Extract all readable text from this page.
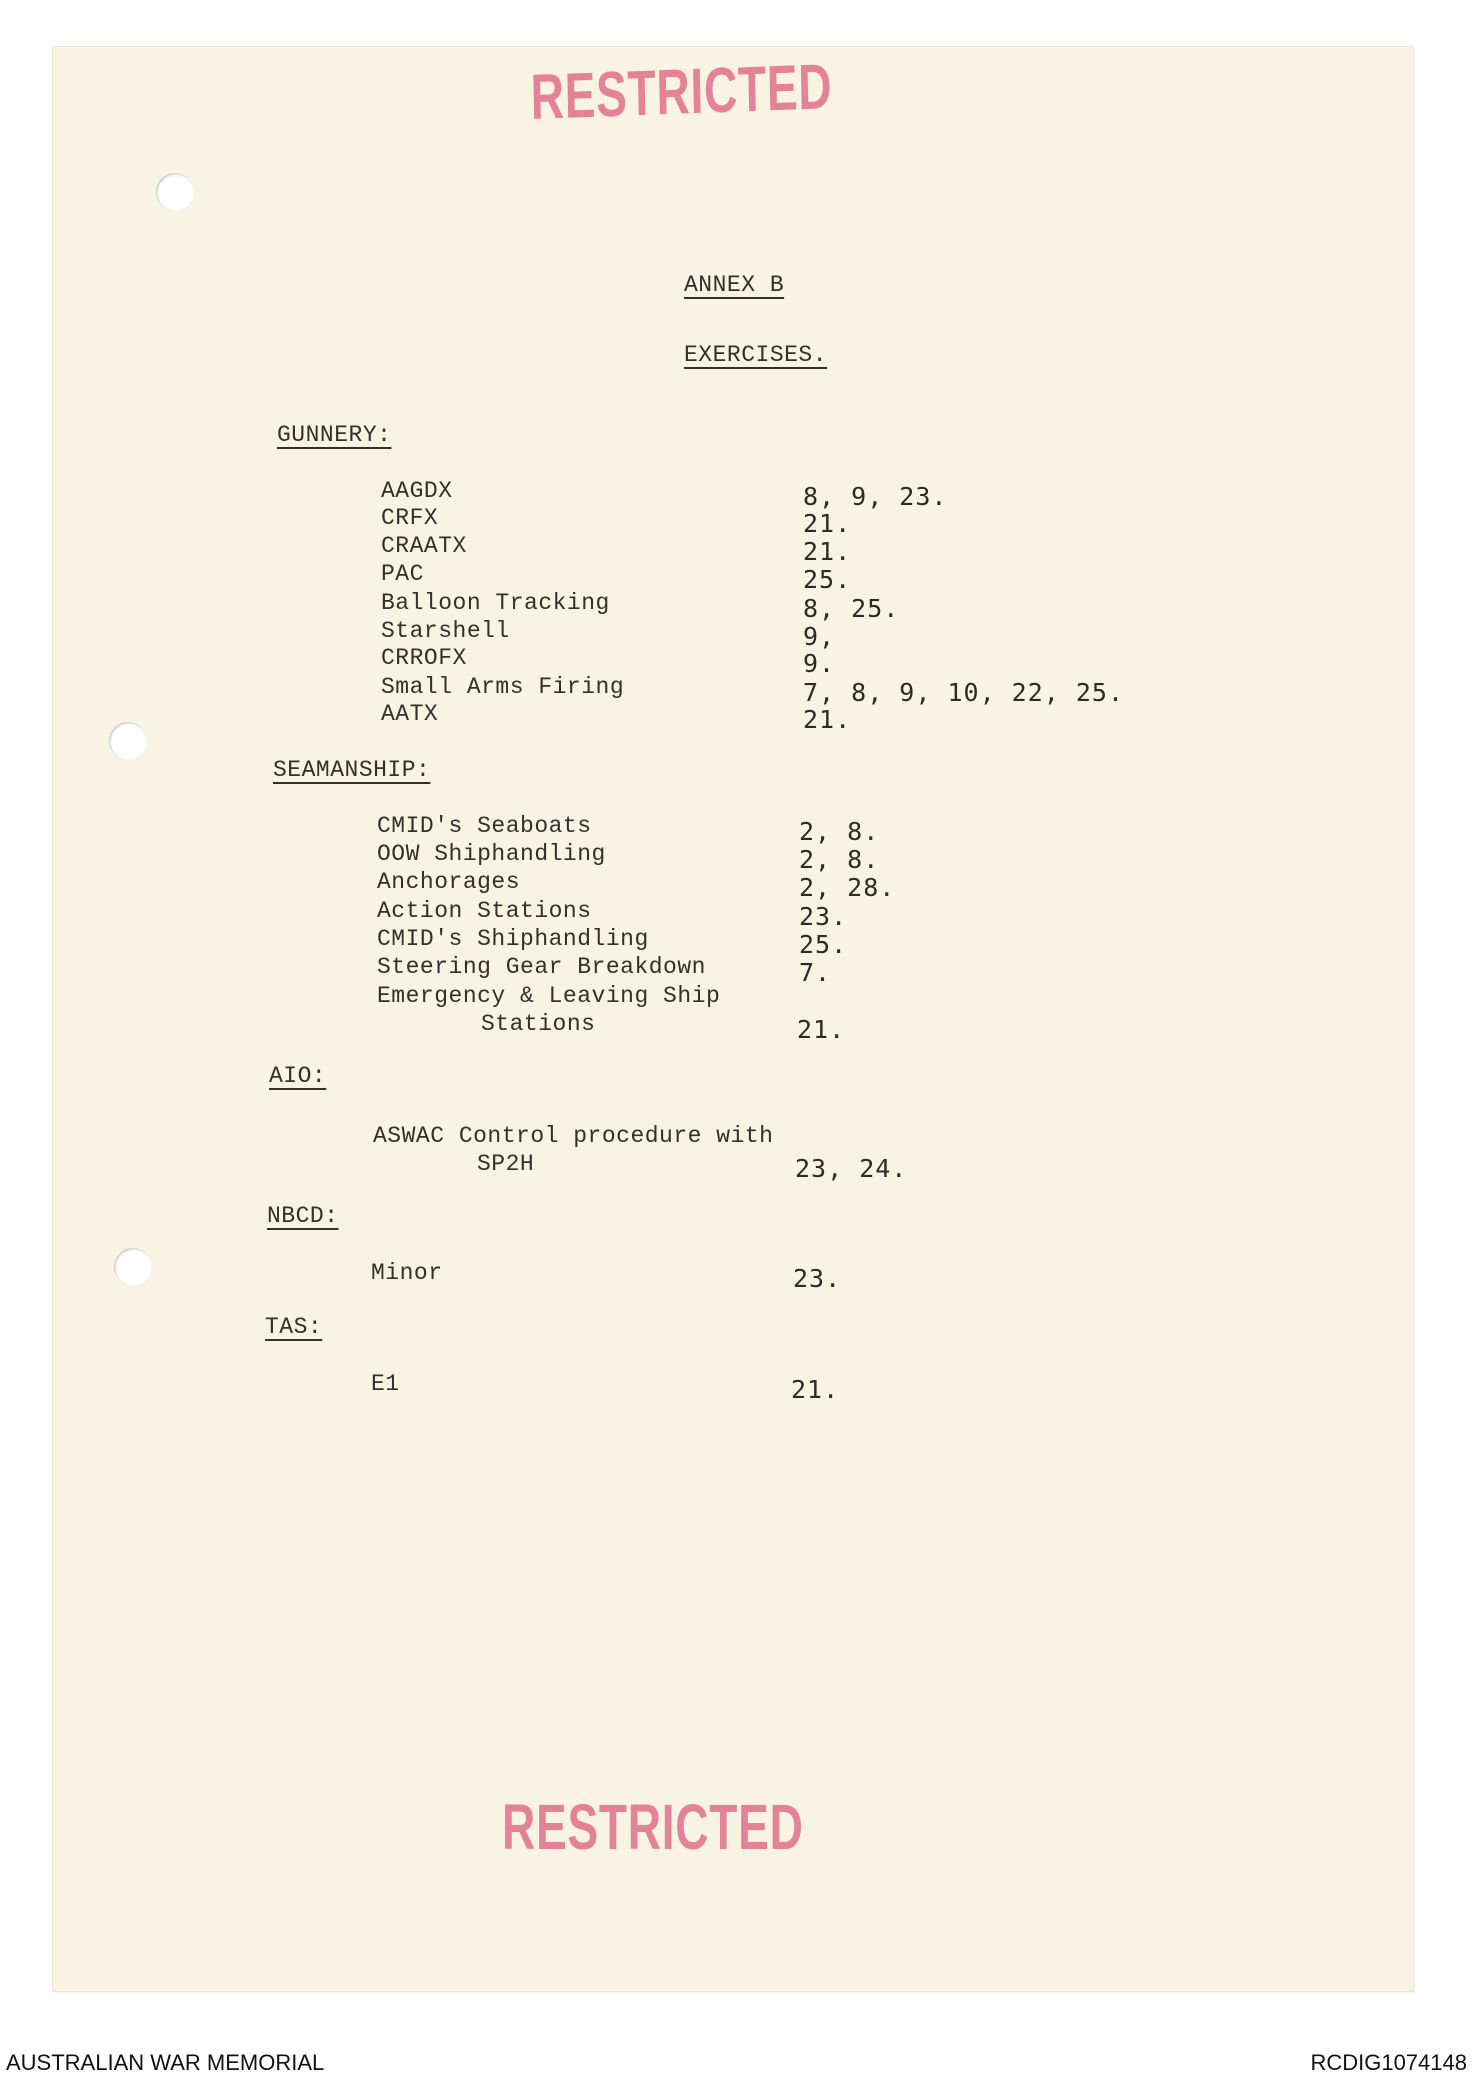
RESTRICTED
ANNEX B
EXERCISES.
GUNNERY:
AAGDX	8, 9, 23.
CRFX	21.
CRAATX	21.
PAC	25.
Balloon Tracking	8, 25.
Starshell	9,
CRROFX	9.
Small Arms Firing	7, 8, 9, 10, 22, 25.
AATX	21.
SEAMANSHIP:
CMID's Seaboats	2, 8.
OOW Shiphandling	2, 8.
Anchorages	2, 28.
Action Stations	23.
CMID's Shiphandling	25.
Steering Gear Breakdown	7.
Emergency & Leaving Ship
Stations	21.
AIO:
ASWAC Control procedure with
SP2H	23, 24.
NBCD:
Minor	23.
TAS:
E1	21.
RESTRICTED
AUSTRALIAN WAR MEMORIAL	RCDIG1074148
